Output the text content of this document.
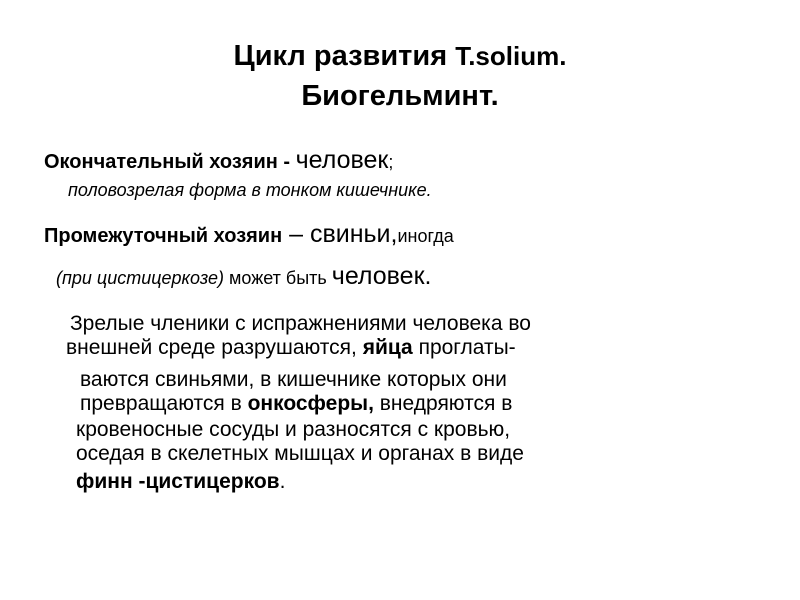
Цикл развития T.solium.
Биогельминт.
Окончательный хозяин - человек;
половозрелая форма в тонком кишечнике.
Промежуточный хозяин – свиньи,иногда
(при цистицеркозе) может быть человек.
Зрелые членики с испражнениями человека во
внешней среде разрушаются, яйца проглаты-
ваются свиньями, в кишечнике которых они
превращаются в онкосферы, внедряются в
кровеносные сосуды и разносятся с кровью,
оседая в скелетных мышцах и органах в виде
финн -цистицерков.
